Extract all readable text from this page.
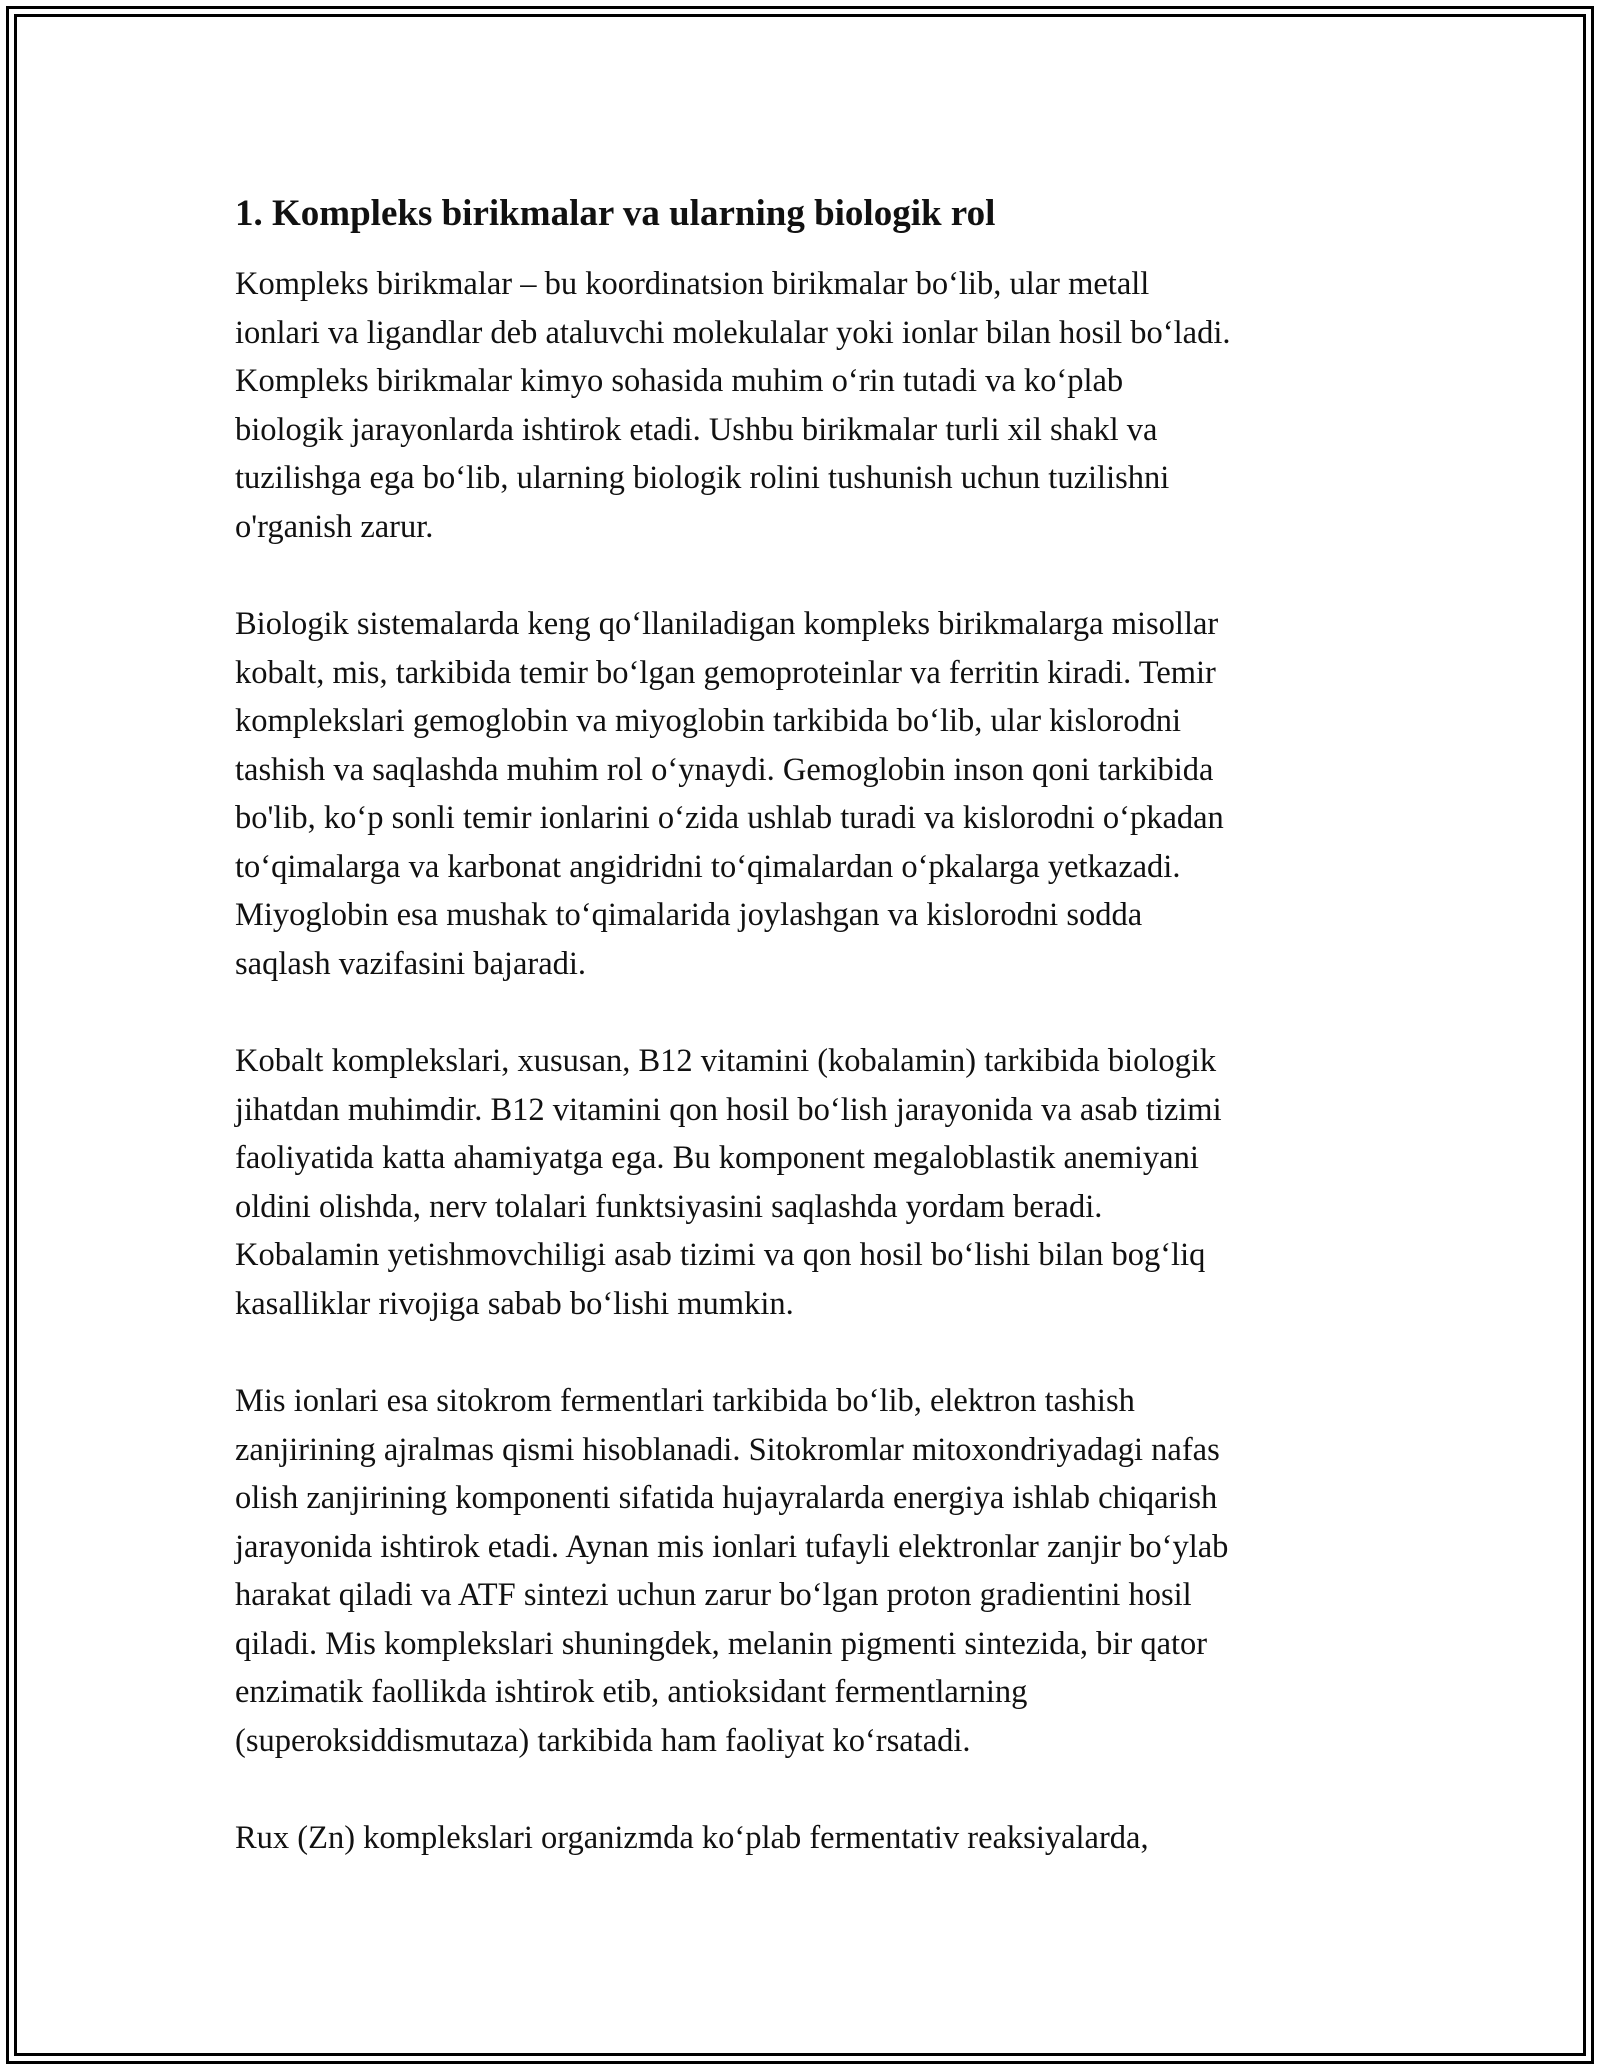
1. Kompleks birikmalar va ularning biologik rol

Kompleks birikmalar – bu koordinatsion birikmalar bo‘lib, ular metall
ionlari va ligandlar deb ataluvchi molekulalar yoki ionlar bilan hosil bo‘ladi.
Kompleks birikmalar kimyo sohasida muhim o‘rin tutadi va ko‘plab
biologik jarayonlarda ishtirok etadi. Ushbu birikmalar turli xil shakl va
tuzilishga ega bo‘lib, ularning biologik rolini tushunish uchun tuzilishni
o'rganish zarur.

Biologik sistemalarda keng qo‘llaniladigan kompleks birikmalarga misollar
kobalt, mis, tarkibida temir bo‘lgan gemoproteinlar va ferritin kiradi. Temir
komplekslari gemoglobin va miyoglobin tarkibida bo‘lib, ular kislorodni
tashish va saqlashda muhim rol o‘ynaydi. Gemoglobin inson qoni tarkibida
bo'lib, ko‘p sonli temir ionlarini o‘zida ushlab turadi va kislorodni o‘pkadan
to‘qimalarga va karbonat angidridni to‘qimalardan o‘pkalarga yetkazadi.
Miyoglobin esa mushak to‘qimalarida joylashgan va kislorodni sodda
saqlash vazifasini bajaradi.

Kobalt komplekslari, xususan, B12 vitamini (kobalamin) tarkibida biologik
jihatdan muhimdir. B12 vitamini qon hosil bo‘lish jarayonida va asab tizimi
faoliyatida katta ahamiyatga ega. Bu komponent megaloblastik anemiyani
oldini olishda, nerv tolalari funktsiyasini saqlashda yordam beradi.
Kobalamin yetishmovchiligi asab tizimi va qon hosil bo‘lishi bilan bog‘liq
kasalliklar rivojiga sabab bo‘lishi mumkin.

Mis ionlari esa sitokrom fermentlari tarkibida bo‘lib, elektron tashish
zanjirining ajralmas qismi hisoblanadi. Sitokromlar mitoxondriyadagi nafas
olish zanjirining komponenti sifatida hujayralarda energiya ishlab chiqarish
jarayonida ishtirok etadi. Aynan mis ionlari tufayli elektronlar zanjir bo‘ylab
harakat qiladi va ATF sintezi uchun zarur bo‘lgan proton gradientini hosil
qiladi. Mis komplekslari shuningdek, melanin pigmenti sintezida, bir qator
enzimatik faollikda ishtirok etib, antioksidant fermentlarning
(superoksiddismutaza) tarkibida ham faoliyat ko‘rsatadi.

Rux (Zn) komplekslari organizmda ko‘plab fermentativ reaksiyalarda,
